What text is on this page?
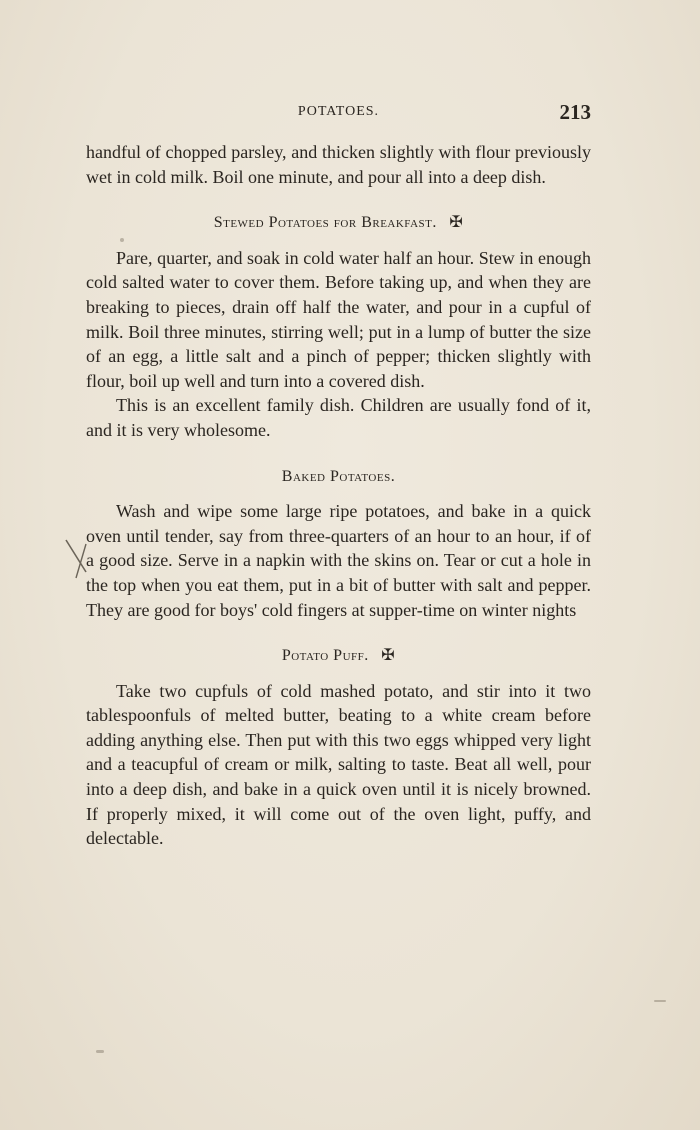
POTATOES.	213

handful of chopped parsley, and thicken slightly with flour previously wet in cold milk. Boil one minute, and pour all into a deep dish.

Stewed Potatoes for Breakfast. ✠

Pare, quarter, and soak in cold water half an hour. Stew in enough cold salted water to cover them. Before taking up, and when they are breaking to pieces, drain off half the water, and pour in a cupful of milk. Boil three minutes, stirring well; put in a lump of butter the size of an egg, a little salt and a pinch of pepper; thicken slightly with flour, boil up well and turn into a covered dish.

This is an excellent family dish. Children are usually fond of it, and it is very wholesome.

Baked Potatoes.

Wash and wipe some large ripe potatoes, and bake in a quick oven until tender, say from three-quarters of an hour to an hour, if of a good size. Serve in a napkin with the skins on. Tear or cut a hole in the top when you eat them, put in a bit of butter with salt and pepper. They are good for boys' cold fingers at supper-time on winter nights

Potato Puff. ✠

Take two cupfuls of cold mashed potato, and stir into it two tablespoonfuls of melted butter, beating to a white cream before adding anything else. Then put with this two eggs whipped very light and a teacupful of cream or milk, salting to taste. Beat all well, pour into a deep dish, and bake in a quick oven until it is nicely browned. If properly mixed, it will come out of the oven light, puffy, and delectable.
